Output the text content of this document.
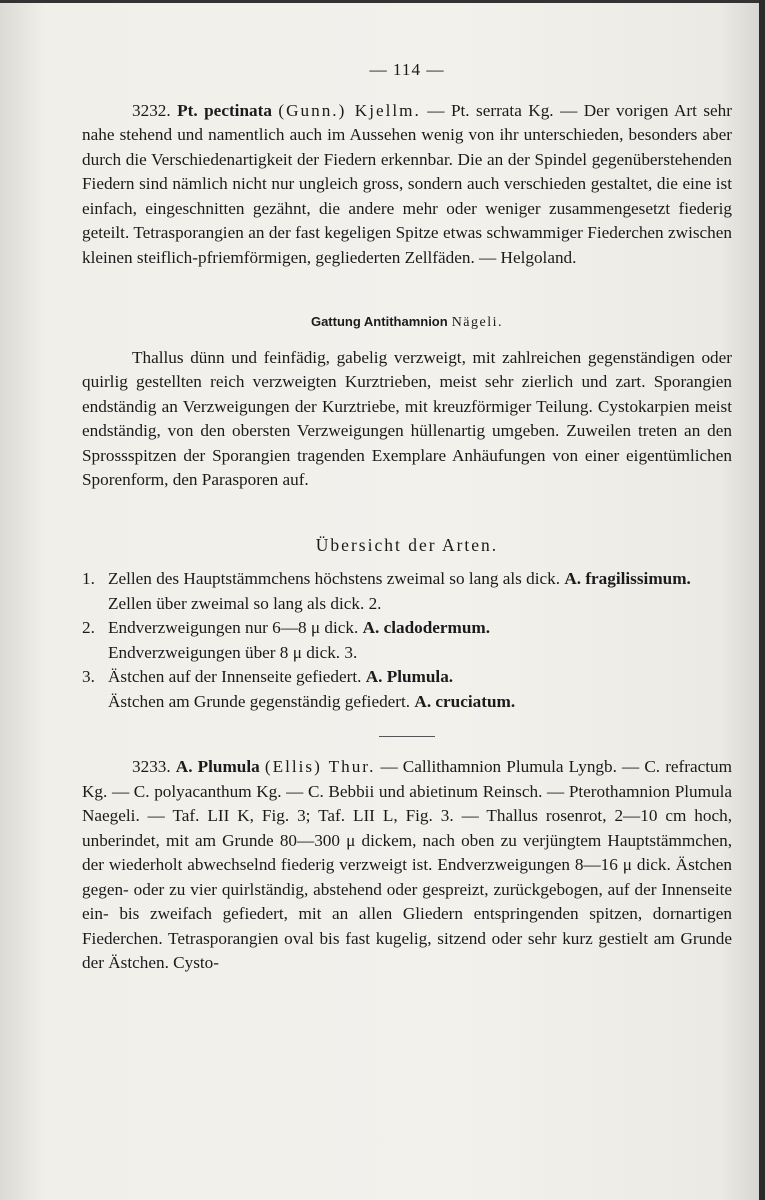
— 114 —

3232. Pt. pectinata (Gunn.) Kjellm. — Pt. serrata Kg. — Der vorigen Art sehr nahe stehend und namentlich auch im Aussehen wenig von ihr unterschieden, besonders aber durch die Verschiedenartigkeit der Fiedern erkennbar. Die an der Spindel gegenüberstehenden Fiedern sind nämlich nicht nur ungleich gross, sondern auch verschieden gestaltet, die eine ist einfach, eingeschnitten gezähnt, die andere mehr oder weniger zusammengesetzt fiederig geteilt. Tetrasporangien an der fast kegeligen Spitze etwas schwammiger Fiederchen zwischen kleinen steiflich-pfriemförmigen, gegliederten Zellfäden. — Helgoland.

Gattung Antithamnion Nägeli.

Thallus dünn und feinfädig, gabelig verzweigt, mit zahlreichen gegenständigen oder quirlig gestellten reich verzweigten Kurztrieben, meist sehr zierlich und zart. Sporangien endständig an Verzweigungen der Kurztriebe, mit kreuzförmiger Teilung. Cystokarpien meist endständig, von den obersten Verzweigungen hüllenartig umgeben. Zuweilen treten an den Sprossspitzen der Sporangien tragenden Exemplare Anhäufungen von einer eigentümlichen Sporenform, den Parasporen auf.

Übersicht der Arten.
1. Zellen des Hauptstämmchens höchstens zweimal so lang als dick. A. fragilissimum.
Zellen über zweimal so lang als dick. 2.
2. Endverzweigungen nur 6—8 μ dick. A. cladodermum.
Endverzweigungen über 8 μ dick. 3.
3. Ästchen auf der Innenseite gefiedert. A. Plumula.
Ästchen am Grunde gegenständig gefiedert. A. cruciatum.

3233. A. Plumula (Ellis) Thur. — Callithamnion Plumula Lyngb. — C. refractum Kg. — C. polyacanthum Kg. — C. Bebbii und abietinum Reinsch. — Pterothamnion Plumula Naegeli. — Taf. LII K, Fig. 3; Taf. LII L, Fig. 3. — Thallus rosenrot, 2—10 cm hoch, unberindet, mit am Grunde 80—300 μ dickem, nach oben zu verjüngtem Hauptstämmchen, der wiederholt abwechselnd fiederig verzweigt ist. Endverzweigungen 8—16 μ dick. Ästchen gegen- oder zu vier quirlständig, abstehend oder gespreizt, zurückgebogen, auf der Innenseite ein- bis zweifach gefiedert, mit an allen Gliedern entspringenden spitzen, dornartigen Fiederchen. Tetrasporangien oval bis fast kugelig, sitzend oder sehr kurz gestielt am Grunde der Ästchen. Cysto-
